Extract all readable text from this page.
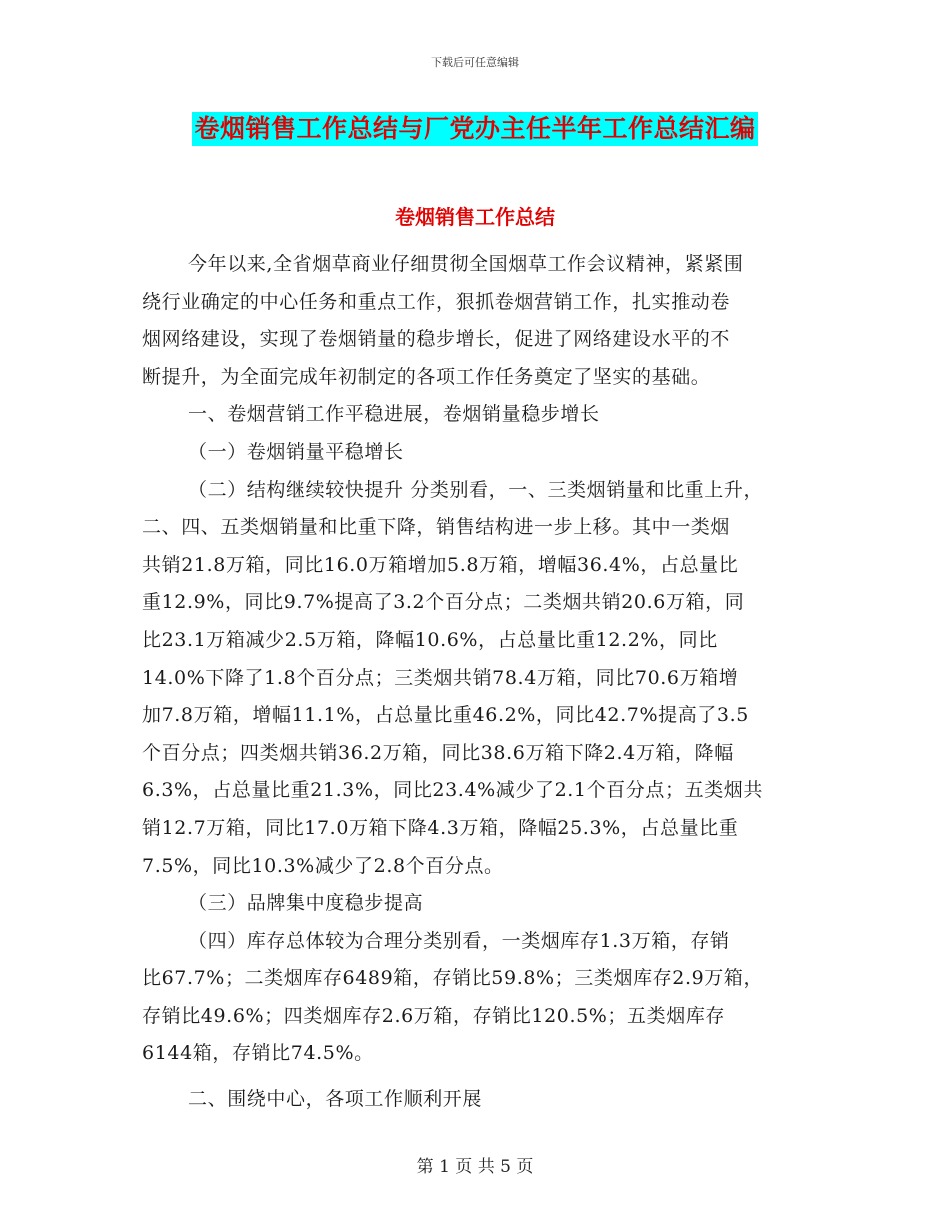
下载后可任意编辑
卷烟销售工作总结与厂党办主任半年工作总结汇编
卷烟销售工作总结
今年以来,全省烟草商业仔细贯彻全国烟草工作会议精神，紧紧围
绕行业确定的中心任务和重点工作，狠抓卷烟营销工作，扎实推动卷
烟网络建设，实现了卷烟销量的稳步增长，促进了网络建设水平的不
断提升，为全面完成年初制定的各项工作任务奠定了坚实的基础。
一、卷烟营销工作平稳进展，卷烟销量稳步增长
（一）卷烟销量平稳增长
（二）结构继续较快提升 分类别看，一、三类烟销量和比重上升，
二、四、五类烟销量和比重下降，销售结构进一步上移。其中一类烟
共销21.8万箱，同比16.0万箱增加5.8万箱，增幅36.4%，占总量比
重12.9%，同比9.7%提高了3.2个百分点；二类烟共销20.6万箱，同
比23.1万箱减少2.5万箱，降幅10.6%，占总量比重12.2%，同比
14.0%下降了1.8个百分点；三类烟共销78.4万箱，同比70.6万箱增
加7.8万箱，增幅11.1%，占总量比重46.2%，同比42.7%提高了3.5
个百分点；四类烟共销36.2万箱，同比38.6万箱下降2.4万箱，降幅
6.3%，占总量比重21.3%，同比23.4%减少了2.1个百分点；五类烟共
销12.7万箱，同比17.0万箱下降4.3万箱，降幅25.3%，占总量比重
7.5%，同比10.3%减少了2.8个百分点。
（三）品牌集中度稳步提高
（四）库存总体较为合理分类别看，一类烟库存1.3万箱，存销
比67.7%；二类烟库存6489箱，存销比59.8%；三类烟库存2.9万箱，
存销比49.6%；四类烟库存2.6万箱，存销比120.5%；五类烟库存
6144箱，存销比74.5%。
二、围绕中心，各项工作顺利开展
第 1 页 共 5 页
